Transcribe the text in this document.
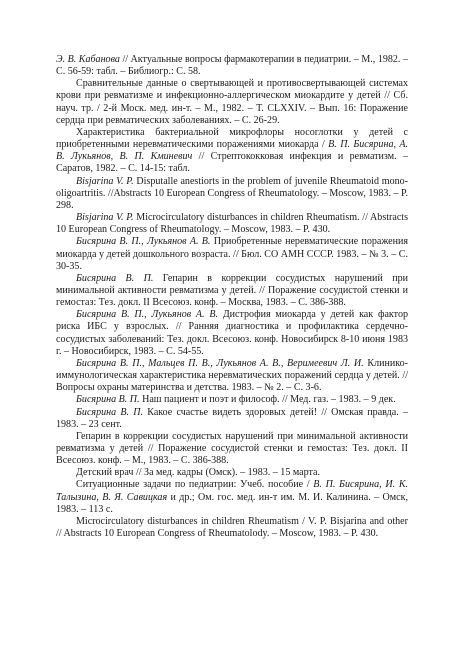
Э. В. Кабанова // Актуальные вопросы фармакотерапии в педиатрии. – М., 1982. – С. 56-59: табл. – Библиогр.: С. 58.

Сравнительные данные о свертывающей и противосвертывающей системах крови при ревматизме и инфекционно-аллергическом миокардите у детей // Сб. науч. тр. / 2-й Моск. мед. ин-т. – М., 1982. – Т. CLXXIV. – Вып. 16: Поражение сердца при ревматических заболеваниях. – С. 26-29.

Характеристика бактериальной микрофлоры носоглотки у детей с приобретенными неревматическими поражениями миокарда / В. П. Бисярина, А. В. Лукьянов, В. П. Кминевич // Стрептококковая инфекция и ревматизм. – Саратов, 1982. – С. 14-15: табл.

Bisjarina V. P. Disputalle anestiorts in the problem of juvenile Rheumatoid mono-oligoartritis. //Abstracts 10 European Congress of Rheumatology. – Moscow, 1983. – P. 298.

Bisjarina V. P. Microcirculatory disturbances in children Rheumatism. // Abstracts 10 European Congress of Rheumatology. – Moscow, 1983. – P. 430.

Бисярина В. П., Лукьянов А. В. Приобретенные неревматические поражения миокарда у детей дошкольного возраста. // Бюл. СО АМН СССР. 1983. – № 3. – С. 30-35.

Бисярина В. П. Гепарин в коррекции сосудистых нарушений при минимальной активности ревматизма у детей. // Поражение сосудистой стенки и гемостаз: Тез. докл. II Всесоюз. конф. – Москва, 1983. – С. 386-388.

Бисярина В. П., Лукьянов А. В. Дистрофия миокарда у детей как фактор риска ИБС у взрослых. // Ранняя диагностика и профилактика сердечно-сосудистых заболеваний: Тез. докл. Всесоюз. конф. Новосибирск 8-10 июня 1983 г. – Новосибирск, 1983. – С. 54-55.

Бисярина В. П., Мальцев П. В., Лукьянов А. В., Веримеевич Л. И. Клинико-иммунологическая характеристика неревматических поражений сердца у детей. // Вопросы охраны материнства и детства. 1983. – № 2. – С. 3-6.

Бисярина В. П. Наш пациент и поэт и философ. // Мед. газ. – 1983. – 9 дек.

Бисярина В. П. Какое счастье видеть здоровых детей! // Омская правда. –1983. – 23 сент.

Гепарин в коррекции сосудистых нарушений при минимальной активности ревматизма у детей // Поражение сосудистой стенки и гемостаз: Тез. докл. II Всесоюз. конф. – М., 1983. – С. 386-388.

Детский врач // За мед. кадры (Омск). – 1983. – 15 марта.

Ситуационные задачи по педиатрии: Учеб. пособие / В. П. Бисярина, И. К. Талызина, В. Я. Савицкая и др.; Ом. гос. мед. ин-т им. М. И. Калинина. – Омск, 1983. – 113 с.

Microcirculatory disturbances in children Rheumatism / V. P. Bisjarina and other // Abstracts 10 European Congress of Rheumatolody. – Moscow, 1983. – P. 430.
